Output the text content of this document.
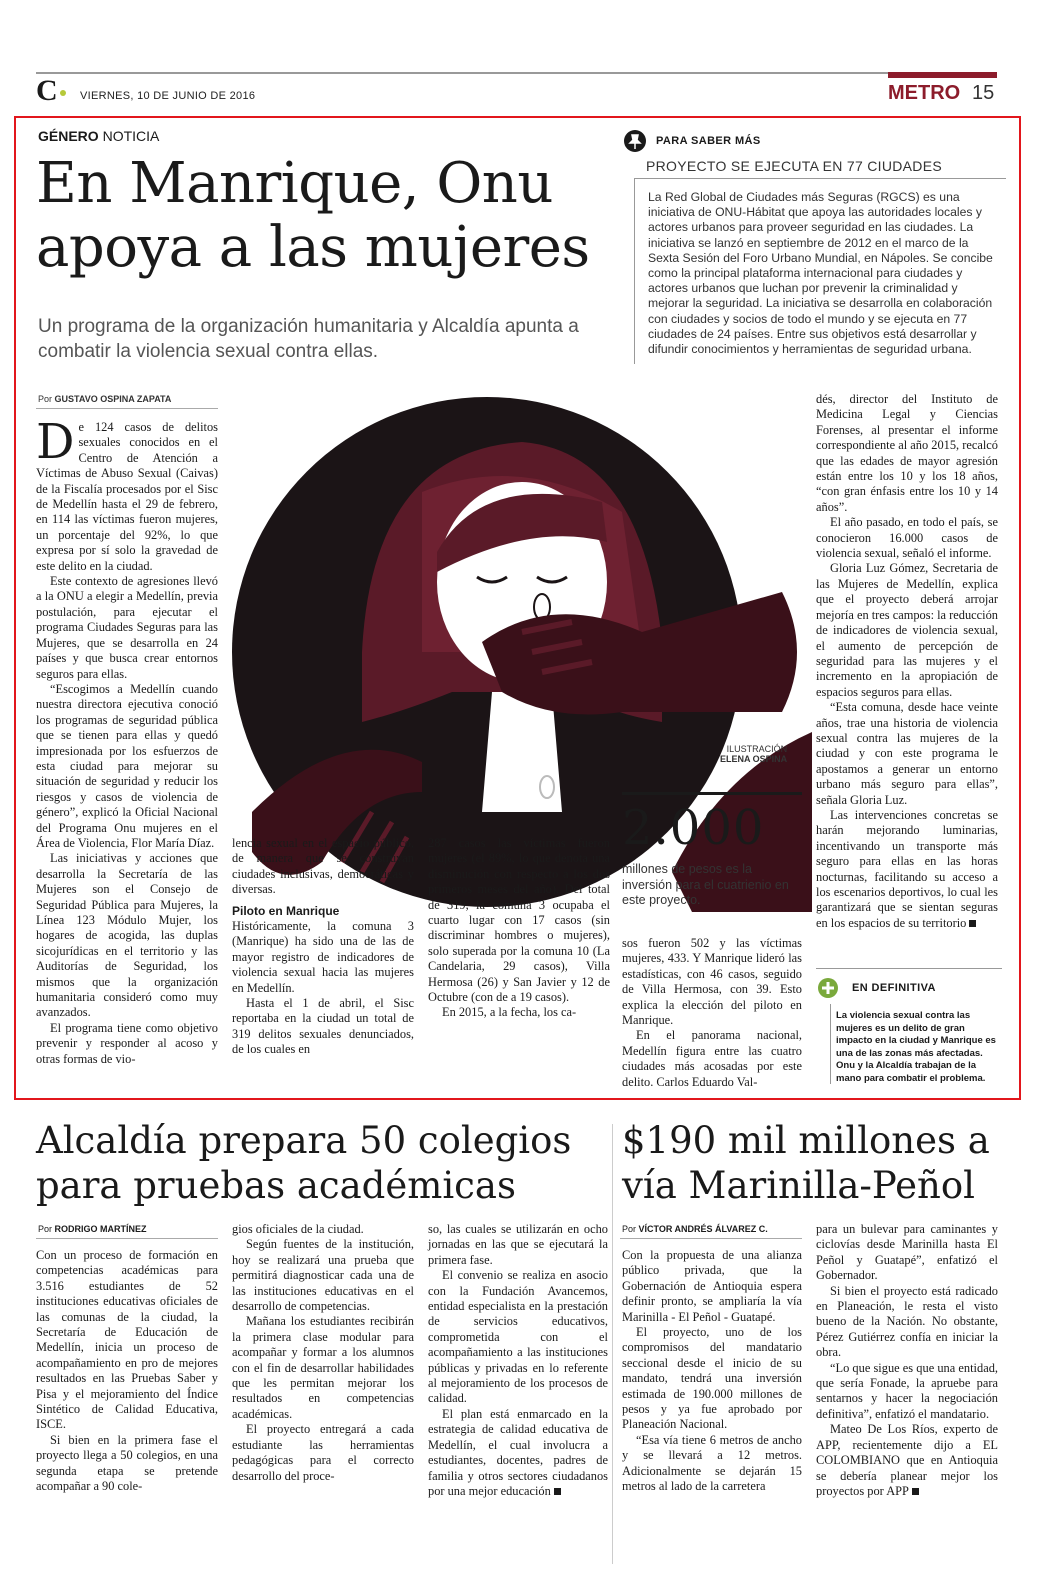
C	VIERNES, 10 DE JUNIO DE 2016	METRO 15
GÉNERO NOTICIA
En Manrique, Onu apoya a las mujeres
Un programa de la organización humanitaria y Alcaldía apunta a combatir la violencia sexual contra ellas.
PARA SABER MÁS
PROYECTO SE EJECUTA EN 77 CIUDADES
La Red Global de Ciudades más Seguras (RGCS) es una iniciativa de ONU-Hábitat que apoya las autoridades locales y actores urbanos para proveer seguridad en las ciudades. La iniciativa se lanzó en septiembre de 2012 en el marco de la Sexta Sesión del Foro Urbano Mundial, en Nápoles. Se concibe como la principal plataforma internacional para ciudades y actores urbanos que luchan por prevenir la criminalidad y mejorar la seguridad. La iniciativa se desarrolla en colaboración con ciudades y socios de todo el mundo y se ejecuta en 77 ciudades de 24 países. Entre sus objetivos está desarrollar y difundir conocimientos y herramientas de seguridad urbana.
Por GUSTAVO OSPINA ZAPATA

De 124 casos de delitos sexuales conocidos en el Centro de Atención a Víctimas de Abuso Sexual (Caivas) de la Fiscalía procesados por el Sisc de Medellín hasta el 29 de febrero, en 114 las víctimas fueron mujeres, un porcentaje del 92%, lo que expresa por sí solo la gravedad de este delito en la ciudad.

Este contexto de agresiones llevó a la ONU a elegir a Medellín, previa postulación, para ejecutar el programa Ciudades Seguras para las Mujeres, que se desarrolla en 24 países y que busca crear entornos seguros para ellas.

“Escogimos a Medellín cuando nuestra directora ejecutiva conoció los programas de seguridad pública que se tienen para ellas y quedó impresionada por los esfuerzos de esta ciudad para mejorar su situación de seguridad y reducir los riesgos y casos de violencia de género”, explicó la Oficial Nacional del Programa Onu mujeres en el Área de Violencia, Flor María Díaz.

Las iniciativas y acciones que desarrolla la Secretaría de las Mujeres son el Consejo de Seguridad Pública para Mujeres, la Línea 123 Módulo Mujer, los hogares de acogida, las duplas sicojurídicas en el territorio y las Auditorías de Seguridad, los mismos que la organización humanitaria consideró como muy avanzados.

El programa tiene como objetivo prevenir y responder al acoso y otras formas de vio-

ILUSTRACIÓN
ELENA OSPINA
2.000
millones de pesos es la inversión para el cuatrienio en este proyecto.

lencia sexual en el espacio público, de manera que se construyan ciudades inclusivas, democráticas y diversas.

Piloto en Manrique

Históricamente, la comuna 3 (Manrique) ha sido una de las de mayor registro de indicadores de violencia sexual hacia las mujeres en Medellín.

Hasta el 1 de abril, el Sisc reportaba en la ciudad un total de 319 delitos sexuales denunciados, de los cuales en

287 casos las víctimas fueron mujeres (el 89%, lo que denota una disminución con respecto a los dos primeros meses del año). Del total de 319, la comuna 3 ocupaba el cuarto lugar con 17 casos (sin discriminar hombres o mujeres), solo superada por la comuna 10 (La Candelaria, 29 casos), Villa Hermosa (26) y San Javier y 12 de Octubre (con de a 19 casos).

En 2015, a la fecha, los ca-

sos fueron 502 y las víctimas mujeres, 433. Y Manrique lideró las estadísticas, con 46 casos, seguido de Villa Hermosa, con 39. Esto explica la elección del piloto en Manrique.

En el panorama nacional, Medellín figura entre las cuatro ciudades más acosadas por este delito. Carlos Eduardo Val-

dés, director del Instituto de Medicina Legal y Ciencias Forenses, al presentar el informe correspondiente al año 2015, recalcó que las edades de mayor agresión están entre los 10 y los 18 años, “con gran énfasis entre los 10 y 14 años”.

El año pasado, en todo el país, se conocieron 16.000 casos de violencia sexual, señaló el informe.

Gloria Luz Gómez, Secretaria de las Mujeres de Medellín, explica que el proyecto deberá arrojar mejoría en tres campos: la reducción de indicadores de violencia sexual, el aumento de percepción de seguridad para las mujeres y el incremento en la apropiación de espacios seguros para ellas.

“Esta comuna, desde hace veinte años, trae una historia de violencia sexual contra las mujeres de la ciudad y con este programa le apostamos a generar un entorno urbano más seguro para ellas”, señala Gloria Luz.

Las intervenciones concretas se harán mejorando luminarias, incentivando un transporte más seguro para ellas en las horas nocturnas, facilitando su acceso a los escenarios deportivos, lo cual les garantizará que se sientan seguras en los espacios de su territorio

EN DEFINITIVA
La violencia sexual contra las mujeres es un delito de gran impacto en la ciudad y Manrique es una de las zonas más afectadas. Onu y la Alcaldía trabajan de la mano para combatir el problema.
Alcaldía prepara 50 colegios para pruebas académicas
Por RODRIGO MARTÍNEZ

Con un proceso de formación en competencias académicas para 3.516 estudiantes de 52 instituciones educativas oficiales de las comunas de la ciudad, la Secretaría de Educación de Medellín, inicia un proceso de acompañamiento en pro de mejores resultados en las Pruebas Saber y Pisa y el mejoramiento del Índice Sintético de Calidad Educativa, ISCE.

Si bien en la primera fase el proyecto llega a 50 colegios, en una segunda etapa se pretende acompañar a 90 cole-

gios oficiales de la ciudad.

Según fuentes de la institución, hoy se realizará una prueba que permitirá diagnosticar cada una de las instituciones educativas en el desarrollo de competencias.

Mañana los estudiantes recibirán la primera clase modular para acompañar y formar a los alumnos con el fin de desarrollar habilidades que les permitan mejorar los resultados en competencias académicas.

El proyecto entregará a cada estudiante las herramientas pedagógicas para el correcto desarrollo del proce-

so, las cuales se utilizarán en ocho jornadas en las que se ejecutará la primera fase.

El convenio se realiza en asocio con la Fundación Avancemos, entidad especialista en la prestación de servicios educativos, comprometida con el acompañamiento a las instituciones públicas y privadas en lo referente al mejoramiento de los procesos de calidad.

El plan está enmarcado en la estrategia de calidad educativa de Medellín, el cual involucra a estudiantes, docentes, padres de familia y otros sectores ciudadanos por una mejor educación

$190 mil millones a vía Marinilla-Peñol
Por VÍCTOR ANDRÉS ÁLVAREZ C.

Con la propuesta de una alianza público privada, que la Gobernación de Antioquia espera definir pronto, se ampliaría la vía Marinilla - El Peñol - Guatapé.

El proyecto, uno de los compromisos del mandatario seccional desde el inicio de su mandato, tendrá una inversión estimada de 190.000 millones de pesos y ya fue aprobado por Planeación Nacional.

“Esa vía tiene 6 metros de ancho y se llevará a 12 metros. Adicionalmente se dejarán 15 metros al lado de la carretera

para un bulevar para caminantes y ciclovías desde Marinilla hasta El Peñol y Guatapé”, enfatizó el Gobernador.

Si bien el proyecto está radicado en Planeación, le resta el visto bueno de la Nación. No obstante, Pérez Gutiérrez confía en iniciar la obra.

“Lo que sigue es que una entidad, que sería Fonade, la apruebe para sentarnos y hacer la negociación definitiva”, enfatizó el mandatario.

Mateo De Los Ríos, experto de APP, recientemente dijo a EL COLOMBIANO que en Antioquia se debería planear mejor los proyectos por APP
